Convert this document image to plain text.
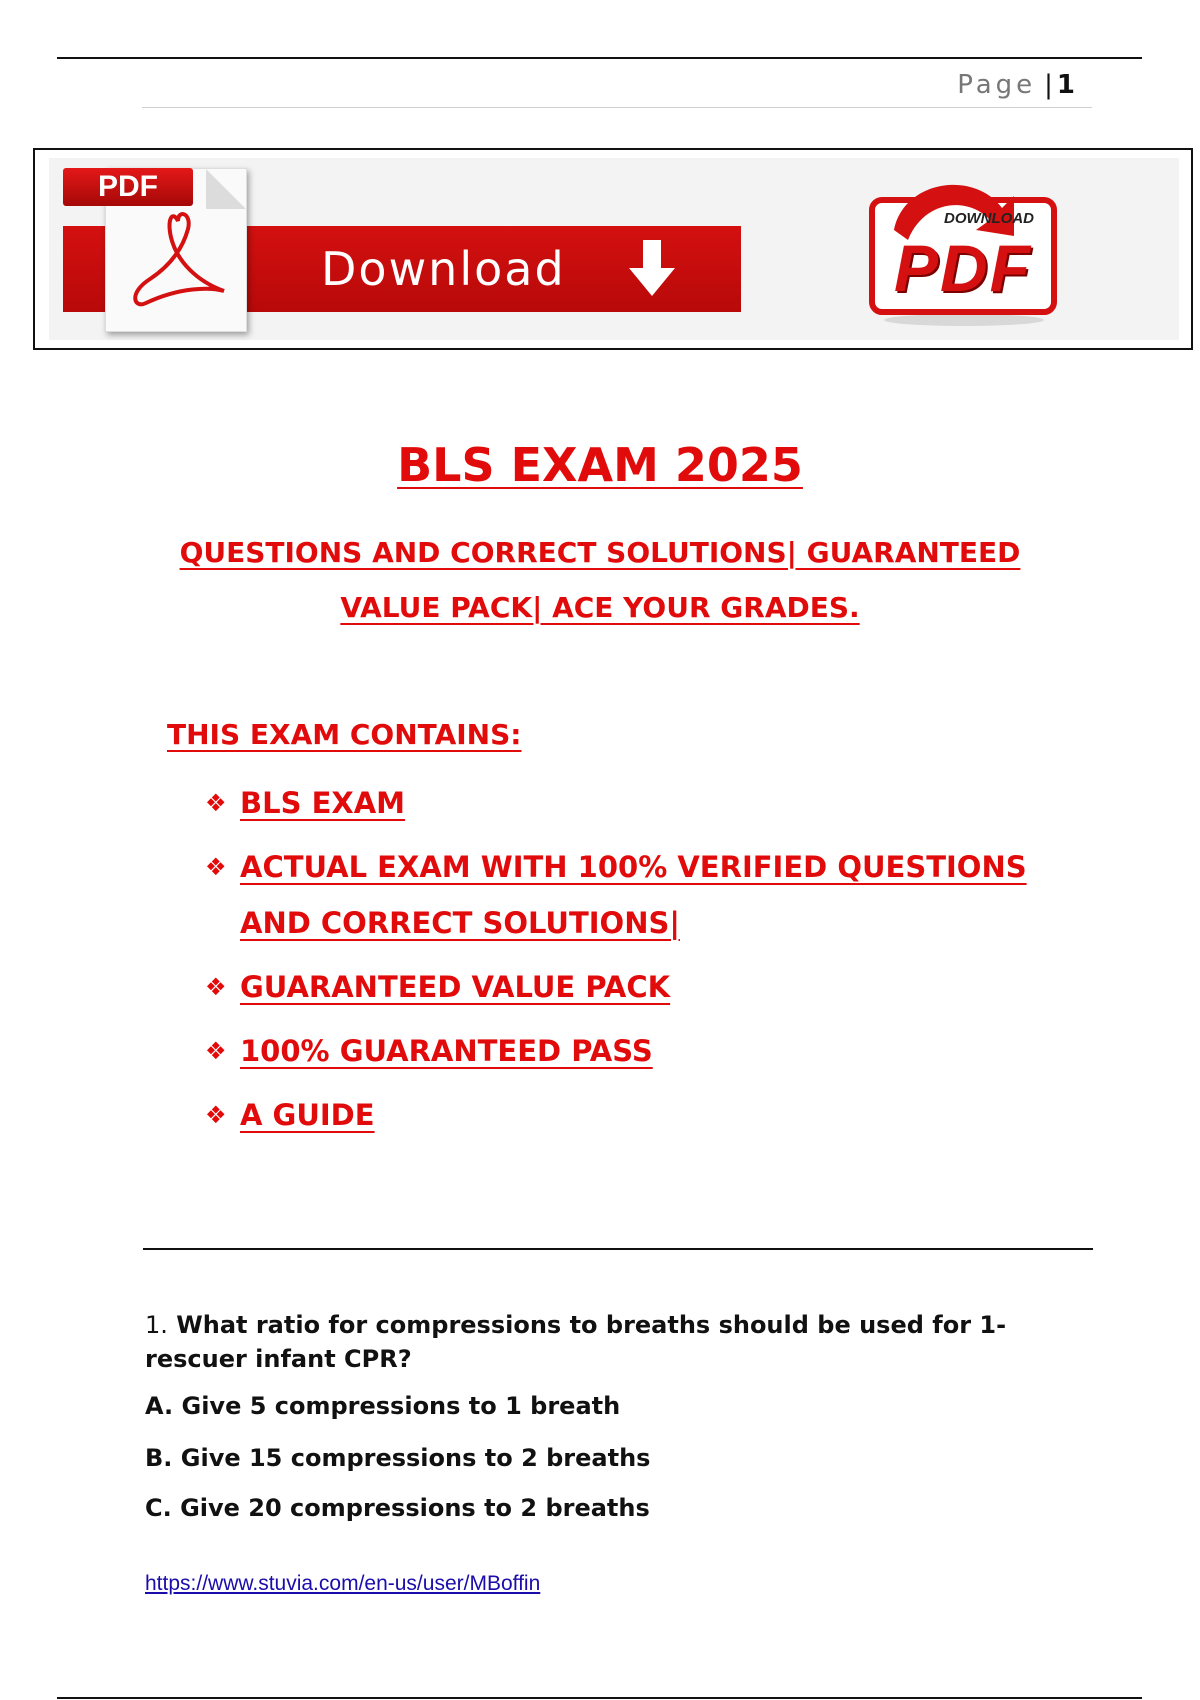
Page | 1
PDF
Download
DOWNLOAD
PDF
BLS EXAM 2025
QUESTIONS AND CORRECT SOLUTIONS| GUARANTEED
VALUE PACK| ACE YOUR GRADES.
THIS EXAM CONTAINS:
❖ BLS EXAM
❖ ACTUAL EXAM WITH 100% VERIFIED QUESTIONS AND CORRECT SOLUTIONS|
❖ GUARANTEED VALUE PACK
❖ 100% GUARANTEED PASS
❖ A GUIDE
1. What ratio for compressions to breaths should be used for 1-rescuer infant CPR?
A. Give 5 compressions to 1 breath
B. Give 15 compressions to 2 breaths
C. Give 20 compressions to 2 breaths
https://www.stuvia.com/en-us/user/MBoffin
